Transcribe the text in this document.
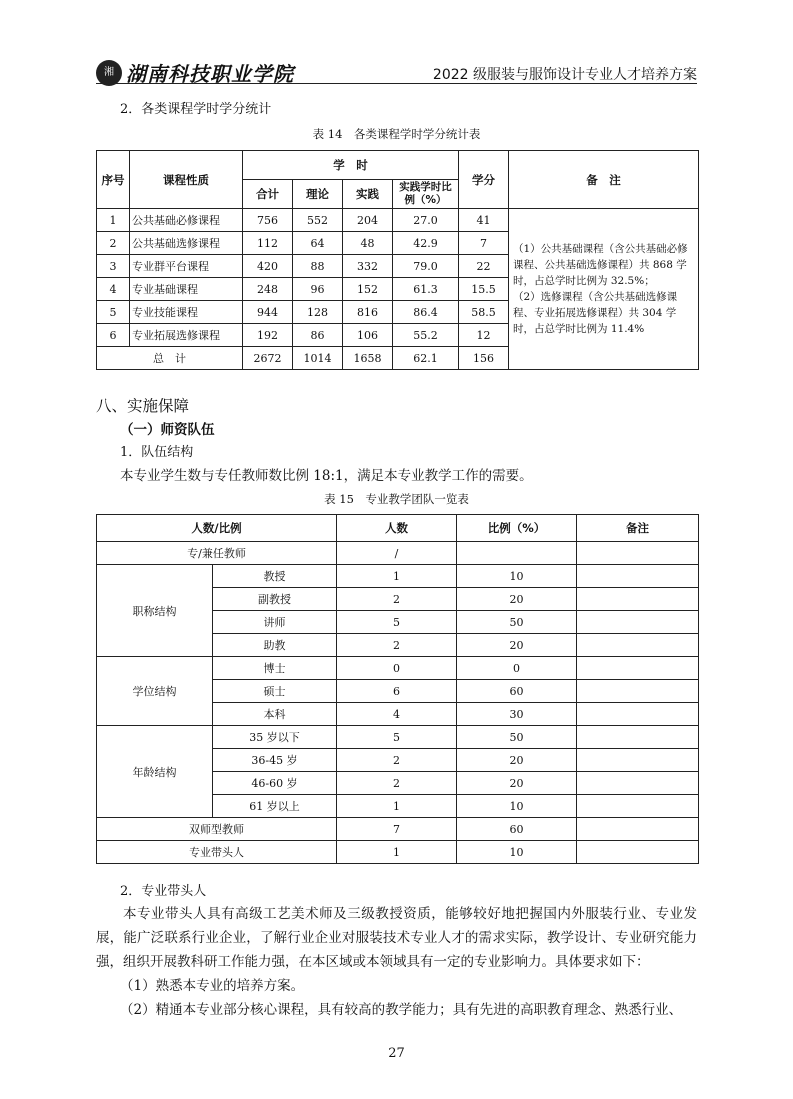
湘 湖南科技职业学院	2022 级服装与服饰设计专业人才培养方案
2．各类课程学时学分统计
表 14　各类课程学时学分统计表
序号	课程性质	学　时				学分	备　注
		合计	理论	实践	实践学时比例（%）		
1	公共基础必修课程	756	552	204	27.0	41	（1）公共基础课程（含公共基础必修课程、公共基础选修课程）共 868 学时，占总学时比例为 32.5%；
（2）选修课程（含公共基础选修课程、专业拓展选修课程）共 304 学时，占总学时比例为 11.4%

2	公共基础选修课程	112	64	48	42.9	7	
3	专业群平台课程	420	88	332	79.0	22	
4	专业基础课程	248	96	152	61.3	15.5	
5	专业技能课程	944	128	816	86.4	58.5	
6	专业拓展选修课程	192	86	106	55.2	12	
总　计		2672	1014	1658	62.1	156	
八、实施保障
（一）师资队伍
1．队伍结构
本专业学生数与专任教师数比例 18:1，满足本专业教学工作的需要。
表 15　专业教学团队一览表
人数/比例		人数	比例（%）	备注
专/兼任教师		/		
职称结构	教授	1	10	
	副教授	2	20	
	讲师	5	50	
	助教	2	20	
学位结构	博士	0	0	
	硕士	6	60	
	本科	4	30	
年龄结构	35 岁以下	5	50	
	36-45 岁	2	20	
	46-60 岁	2	20	
	61 岁以上	1	10	
双师型教师		7	60	
专业带头人		1	10	
2．专业带头人
本专业带头人具有高级工艺美术师及三级教授资质，能够较好地把握国内外服装行业、专业发展，能广泛联系行业企业，了解行业企业对服装技术专业人才的需求实际，教学设计、专业研究能力强，组织开展教科研工作能力强，在本区域或本领域具有一定的专业影响力。具体要求如下：
（1）熟悉本专业的培养方案。
（2）精通本专业部分核心课程，具有较高的教学能力；具有先进的高职教育理念、熟悉行业、
27
